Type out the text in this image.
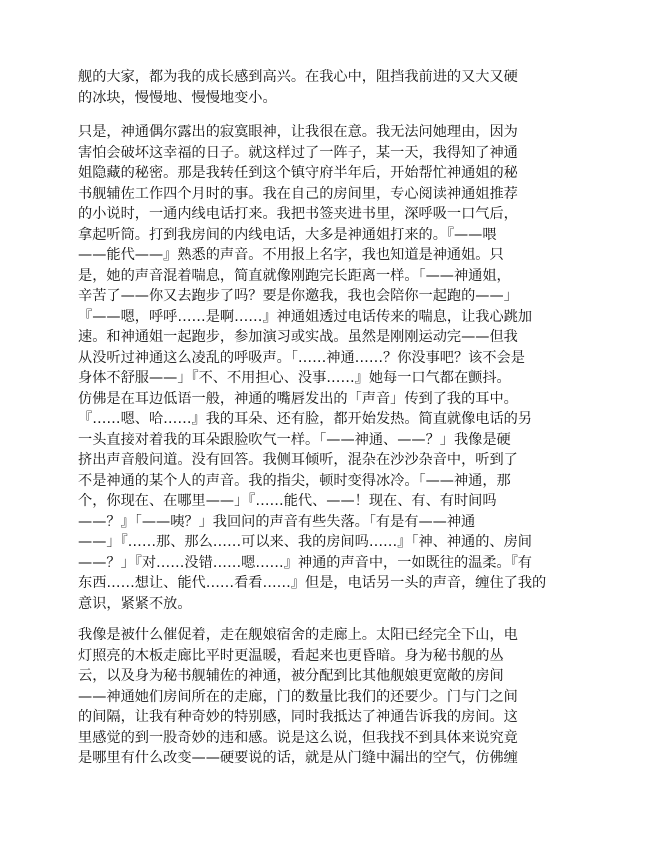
舰的大家，都为我的成长感到高兴。在我心中，阻挡我前进的又大又硬
的冰块，慢慢地、慢慢地变小。
只是，神通偶尔露出的寂寞眼神，让我很在意。我无法问她理由，因为
害怕会破坏这幸福的日子。就这样过了一阵子，某一天，我得知了神通
姐隐藏的秘密。那是我转任到这个镇守府半年后，开始帮忙神通姐的秘
书舰辅佐工作四个月时的事。我在自己的房间里，专心阅读神通姐推荐
的小说时，一通内线电话打来。我把书签夹进书里，深呼吸一口气后，
拿起听筒。打到我房间的内线电话，大多是神通姐打来的。『——喂
——能代——』熟悉的声音。不用报上名字，我也知道是神通姐。只
是，她的声音混着喘息，简直就像刚跑完长距离一样。「——神通姐，
辛苦了——你又去跑步了吗？要是你邀我，我也会陪你一起跑的——」
『——嗯，呼呼……是啊……』神通姐透过电话传来的喘息，让我心跳加
速。和神通姐一起跑步，参加演习或实战。虽然是刚刚运动完——但我
从没听过神通这么凌乱的呼吸声。「……神通……？你没事吧？该不会是
身体不舒服——」『不、不用担心、没事……』她每一口气都在颤抖。
仿佛是在耳边低语一般，神通的嘴唇发出的「声音」传到了我的耳中。
『……嗯、哈……』我的耳朵、还有脸，都开始发热。简直就像电话的另
一头直接对着我的耳朵跟脸吹气一样。「——神通、——？」我像是硬
挤出声音般问道。没有回答。我侧耳倾听，混杂在沙沙杂音中，听到了
不是神通的某个人的声音。我的指尖，顿时变得冰冷。「——神通，那
个，你现在、在哪里——」『……能代、——！现在、有、有时间吗
——？』「——咦？」我回问的声音有些失落。「有是有——神通
——」『……那、那么……可以来、我的房间吗……』「神、神通的、房间
——？」『对……没错……嗯……』神通的声音中，一如既往的温柔。『有
东西……想让、能代……看看……』但是，电话另一头的声音，缠住了我的
意识，紧紧不放。
我像是被什么催促着，走在舰娘宿舍的走廊上。太阳已经完全下山，电
灯照亮的木板走廊比平时更温暖，看起来也更昏暗。身为秘书舰的丛
云，以及身为秘书舰辅佐的神通，被分配到比其他舰娘更宽敞的房间
——神通她们房间所在的走廊，门的数量比我们的还要少。门与门之间
的间隔，让我有种奇妙的特别感，同时我抵达了神通告诉我的房间。这
里感觉的到一股奇妙的违和感。说是这么说，但我找不到具体来说究竟
是哪里有什么改变——硬要说的话，就是从门缝中漏出的空气，仿佛缠
